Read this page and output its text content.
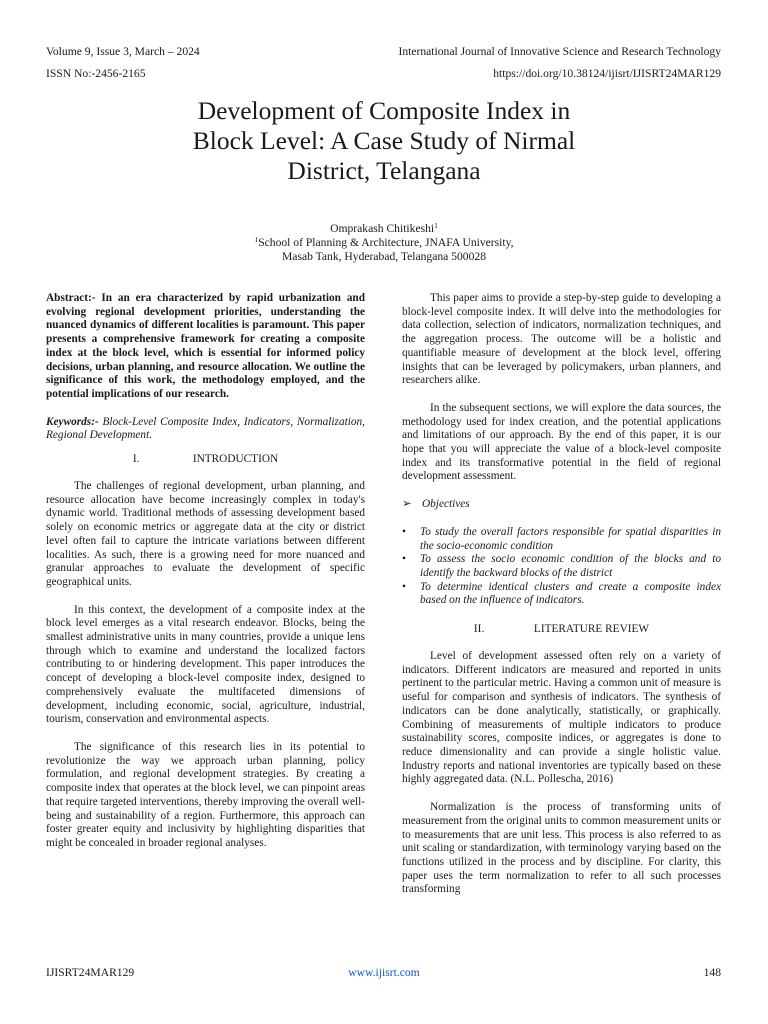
Volume 9, Issue 3, March – 2024	International Journal of Innovative Science and Research Technology
ISSN No:-2456-2165	https://doi.org/10.38124/ijisrt/IJISRT24MAR129
Development of Composite Index in
Block Level: A Case Study of Nirmal
District, Telangana
Omprakash Chitikeshi$^1$
$^1$School of Planning & Architecture, JNAFA University,
Masab Tank, Hyderabad, Telangana 500028

Abstract:- In an era characterized by rapid urbanization and evolving regional development priorities, understanding the nuanced dynamics of different localities is paramount. This paper presents a comprehensive framework for creating a composite index at the block level, which is essential for informed policy decisions, urban planning, and resource allocation. We outline the significance of this work, the methodology employed, and the potential implications of our research.

Keywords:- Block-Level Composite Index, Indicators, Normalization, Regional Development.

I.	INTRODUCTION

The challenges of regional development, urban planning, and resource allocation have become increasingly complex in today's dynamic world. Traditional methods of assessing development based solely on economic metrics or aggregate data at the city or district level often fail to capture the intricate variations between different localities. As such, there is a growing need for more nuanced and granular approaches to evaluate the development of specific geographical units.

In this context, the development of a composite index at the block level emerges as a vital research endeavor. Blocks, being the smallest administrative units in many countries, provide a unique lens through which to examine and understand the localized factors contributing to or hindering development. This paper introduces the concept of developing a block-level composite index, designed to comprehensively evaluate the multifaceted dimensions of development, including economic, social, agriculture, industrial, tourism, conservation and environmental aspects.

The significance of this research lies in its potential to revolutionize the way we approach urban planning, policy formulation, and regional development strategies. By creating a composite index that operates at the block level, we can pinpoint areas that require targeted interventions, thereby improving the overall well-being and sustainability of a region. Furthermore, this approach can foster greater equity and inclusivity by highlighting disparities that might be concealed in broader regional analyses.

This paper aims to provide a step-by-step guide to developing a block-level composite index. It will delve into the methodologies for data collection, selection of indicators, normalization techniques, and the aggregation process. The outcome will be a holistic and quantifiable measure of development at the block level, offering insights that can be leveraged by policymakers, urban planners, and researchers alike.

In the subsequent sections, we will explore the data sources, the methodology used for index creation, and the potential applications and limitations of our approach. By the end of this paper, it is our hope that you will appreciate the value of a block-level composite index and its transformative potential in the field of regional development assessment.

➢ Objectives
• To study the overall factors responsible for spatial disparities in the socio-economic condition
• To assess the socio economic condition of the blocks and to identify the backward blocks of the district
• To determine identical clusters and create a composite index based on the influence of indicators.
II.	LITERATURE REVIEW

Level of development assessed often rely on a variety of indicators. Different indicators are measured and reported in units pertinent to the particular metric. Having a common unit of measure is useful for comparison and synthesis of indicators. The synthesis of indicators can be done analytically, statistically, or graphically. Combining of measurements of multiple indicators to produce sustainability scores, composite indices, or aggregates is done to reduce dimensionality and can provide a single holistic value. Industry reports and national inventories are typically based on these highly aggregated data. (N.L. Pollescha, 2016)

Normalization is the process of transforming units of measurement from the original units to common measurement units or to measurements that are unit less. This process is also referred to as unit scaling or standardization, with terminology varying based on the functions utilized in the process and by discipline. For clarity, this paper uses the term normalization to refer to all such processes transforming

IJISRT24MAR129	www.ijisrt.com	148
